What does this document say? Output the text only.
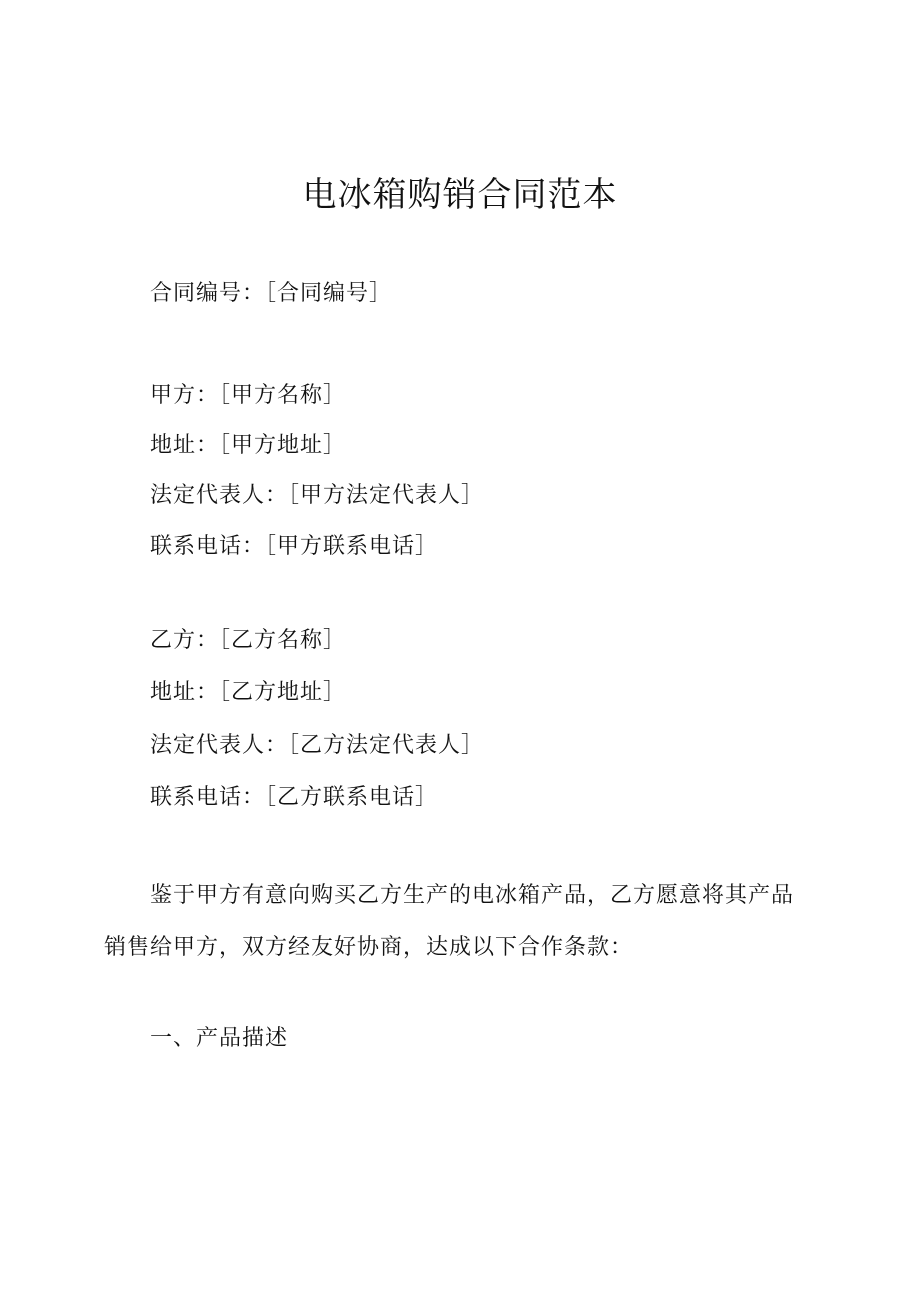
电冰箱购销合同范本
合同编号：［合同编号］
甲方：［甲方名称］
地址：［甲方地址］
法定代表人：［甲方法定代表人］
联系电话：［甲方联系电话］
乙方：［乙方名称］
地址：［乙方地址］
法定代表人：［乙方法定代表人］
联系电话：［乙方联系电话］
鉴于甲方有意向购买乙方生产的电冰箱产品，乙方愿意将其产品销售给甲方，双方经友好协商，达成以下合作条款：
一、产品描述
